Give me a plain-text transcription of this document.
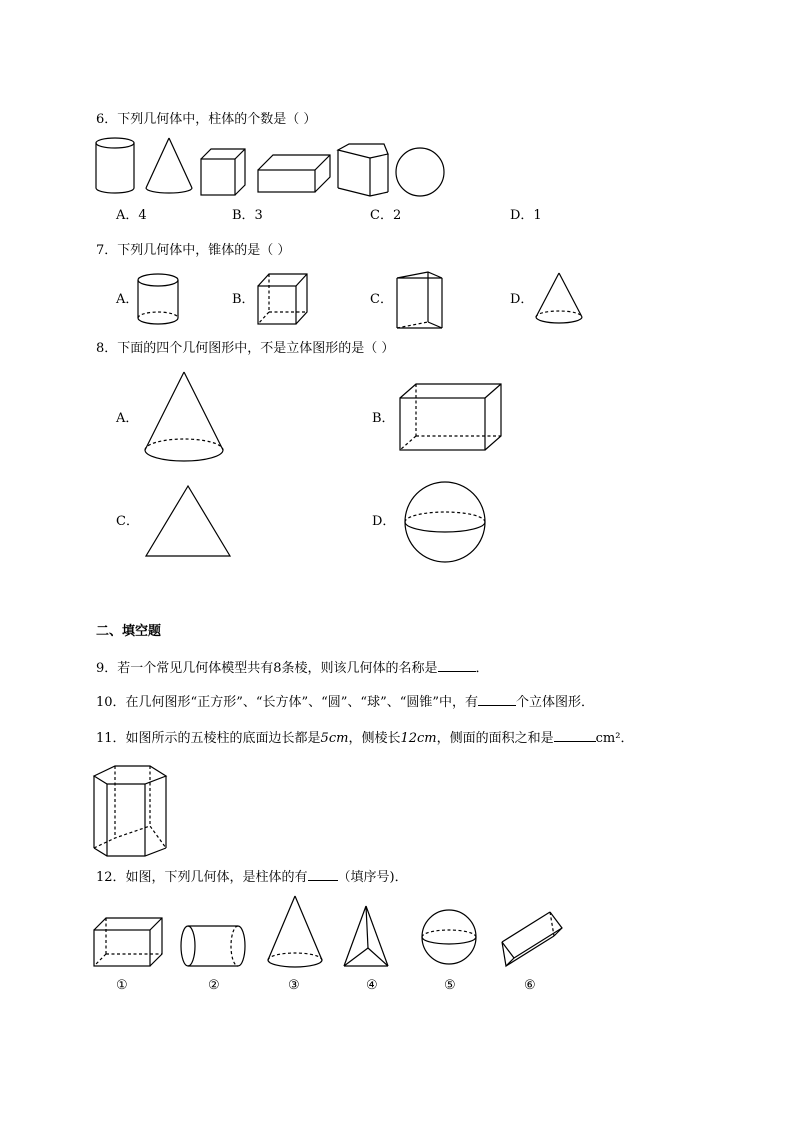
6．下列几何体中，柱体的个数是（ ）
A．4	B．3	C．2	D．1
7．下列几何体中，锥体的是（ ）
A．	B．	C．	D．
8．下面的四个几何图形中，不是立体图形的是（ ）
A．	B．
C．	D．
二、填空题
9．若一个常见几何体模型共有8条棱，则该几何体的名称是	．
10．在几何图形“正方形”、“长方体”、“圆”、“球”、“圆锥”中，有	个立体图形．
11．如图所示的五棱柱的底面边长都是5cm，侧棱长12cm，侧面的面积之和是	cm²．
12．如图，下列几何体，是柱体的有 （填序号)．
①	②	③	④	⑤	⑥
